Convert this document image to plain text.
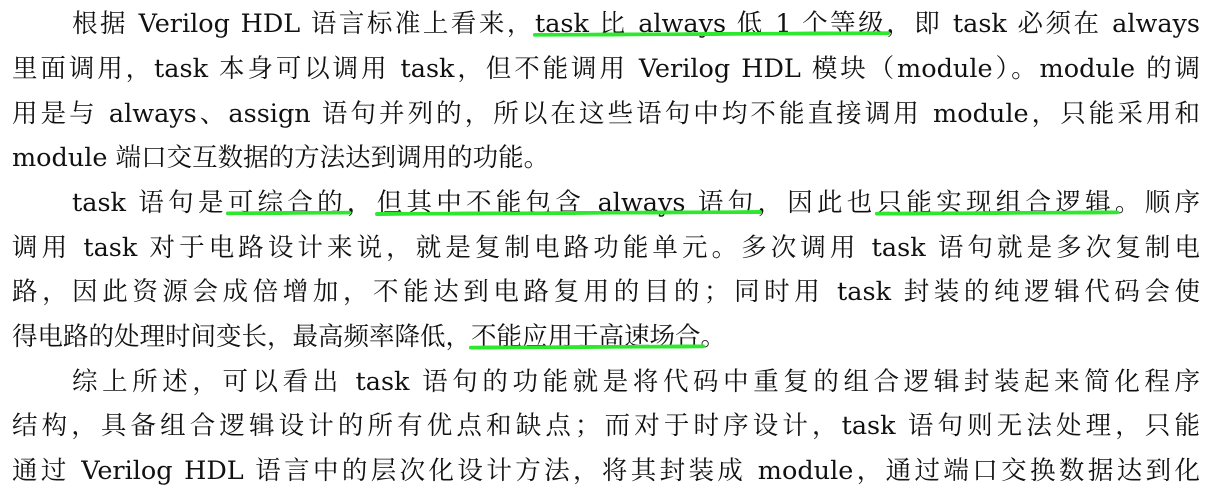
根据 Verilog HDL 语言标准上看来，task 比 always 低 1 个等级，即 task 必须在 always
里面调用，task 本身可以调用 task，但不能调用 Verilog HDL 模块（module）。module 的调
用是与 always、assign 语句并列的，所以在这些语句中均不能直接调用 module，只能采用和
module 端口交互数据的方法达到调用的功能。
task 语句是可综合的，但其中不能包含 always 语句，因此也只能实现组合逻辑。顺序
调用 task 对于电路设计来说，就是复制电路功能单元。多次调用 task 语句就是多次复制电
路，因此资源会成倍增加，不能达到电路复用的目的；同时用 task 封装的纯逻辑代码会使
得电路的处理时间变长，最高频率降低，不能应用于高速场合。
综上所述，可以看出 task 语句的功能就是将代码中重复的组合逻辑封装起来简化程序
结构，具备组合逻辑设计的所有优点和缺点；而对于时序设计，task 语句则无法处理，只能
通过 Verilog HDL 语言中的层次化设计方法，将其封装成 module，通过端口交换数据达到化
